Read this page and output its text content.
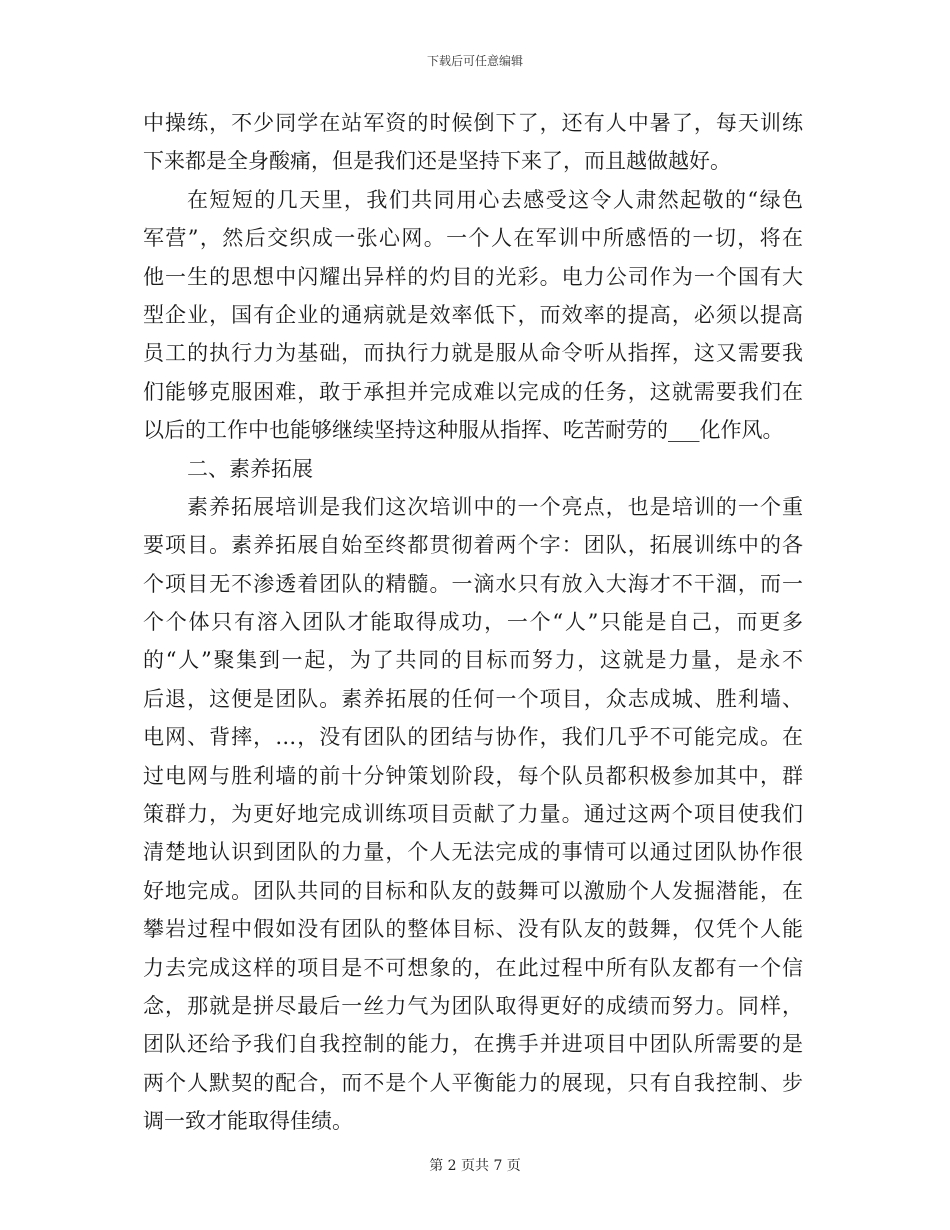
下载后可任意编辑
中操练，不少同学在站军资的时候倒下了，还有人中暑了，每天训练
下来都是全身酸痛，但是我们还是坚持下来了，而且越做越好。
在短短的几天里，我们共同用心去感受这令人肃然起敬的“绿色
军营”，然后交织成一张心网。一个人在军训中所感悟的一切，将在
他一生的思想中闪耀出异样的灼目的光彩。电力公司作为一个国有大
型企业，国有企业的通病就是效率低下，而效率的提高，必须以提高
员工的执行力为基础，而执行力就是服从命令听从指挥，这又需要我
们能够克服困难，敢于承担并完成难以完成的任务，这就需要我们在
以后的工作中也能够继续坚持这种服从指挥、吃苦耐劳的___化作风。
二、素养拓展
素养拓展培训是我们这次培训中的一个亮点，也是培训的一个重
要项目。素养拓展自始至终都贯彻着两个字：团队，拓展训练中的各
个项目无不渗透着团队的精髓。一滴水只有放入大海才不干涸，而一
个个体只有溶入团队才能取得成功，一个“人”只能是自己，而更多
的“人”聚集到一起，为了共同的目标而努力，这就是力量，是永不
后退，这便是团队。素养拓展的任何一个项目，众志成城、胜利墙、
电网、背摔，…，没有团队的团结与协作，我们几乎不可能完成。在
过电网与胜利墙的前十分钟策划阶段，每个队员都积极参加其中，群
策群力，为更好地完成训练项目贡献了力量。通过这两个项目使我们
清楚地认识到团队的力量，个人无法完成的事情可以通过团队协作很
好地完成。团队共同的目标和队友的鼓舞可以激励个人发掘潜能，在
攀岩过程中假如没有团队的整体目标、没有队友的鼓舞，仅凭个人能
力去完成这样的项目是不可想象的，在此过程中所有队友都有一个信
念，那就是拼尽最后一丝力气为团队取得更好的成绩而努力。同样，
团队还给予我们自我控制的能力，在携手并进项目中团队所需要的是
两个人默契的配合，而不是个人平衡能力的展现，只有自我控制、步
调一致才能取得佳绩。
第 2 页共 7 页
